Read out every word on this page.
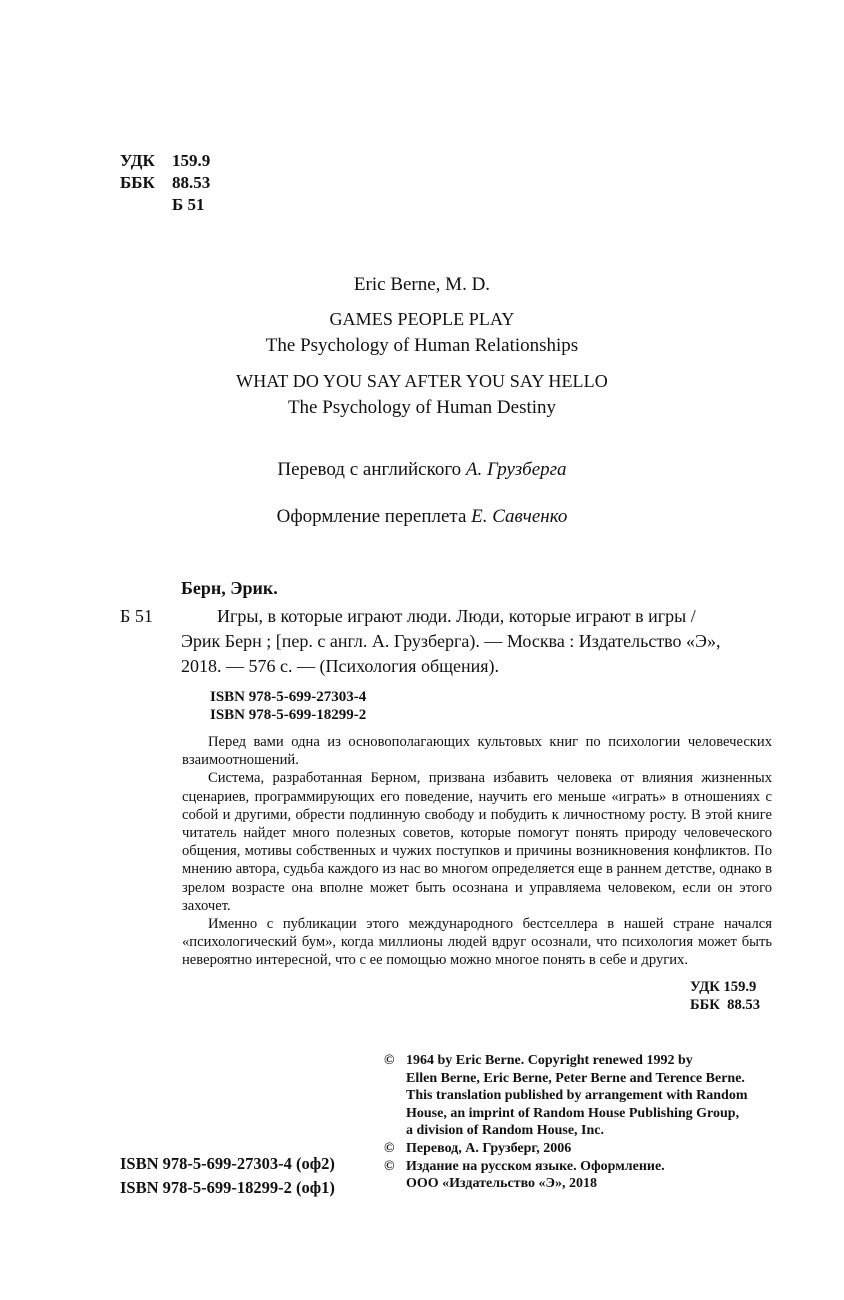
УДК 159.9
ББК 88.53
Б 51
Eric Berne, M. D.
GAMES PEOPLE PLAY
The Psychology of Human Relationships
WHAT DO YOU SAY AFTER YOU SAY HELLO
The Psychology of Human Destiny
Перевод с английского А. Грузберга
Оформление переплета Е. Савченко
Берн, Эрик.
Б 51	Игры, в которые играют люди. Люди, которые играют в игры /
Эрик Берн ; [пер. с англ. А. Грузберга). — Москва : Издательство «Э»,
2018. — 576 с. — (Психология общения).
ISBN 978-5-699-27303-4
ISBN 978-5-699-18299-2

Перед вами одна из основополагающих культовых книг по психологии человеческих взаимоотношений.

Система, разработанная Берном, призвана избавить человека от влияния жизненных сценариев, программирующих его поведение, научить его меньше «играть» в отношениях с собой и другими, обрести подлинную свободу и побудить к личностному росту. В этой книге читатель найдет много полезных советов, которые помогут понять природу человеческого общения, мотивы собственных и чужих поступков и причины возникновения конфликтов. По мнению автора, судьба каждого из нас во многом определяется еще в раннем детстве, однако в зрелом возрасте она вполне может быть осознана и управляема человеком, если он этого захочет.

Именно с публикации этого международного бестселлера в нашей стране начался «психологический бум», когда миллионы людей вдруг осознали, что психология может быть невероятно интересной, что с ее помощью можно многое понять в себе и других.

УДК 159.9
ББК  88.53
© 1964 by Eric Berne. Copyright renewed 1992 by
Ellen Berne, Eric Berne, Peter Berne and Terence Berne.
This translation published by arrangement with Random
House, an imprint of Random House Publishing Group,
a division of Random House, Inc.
© Перевод, А. Грузберг, 2006
© Издание на русском языке. Оформление.
ООО «Издательство «Э», 2018
ISBN 978-5-699-27303-4 (оф2)
ISBN 978-5-699-18299-2 (оф1)
